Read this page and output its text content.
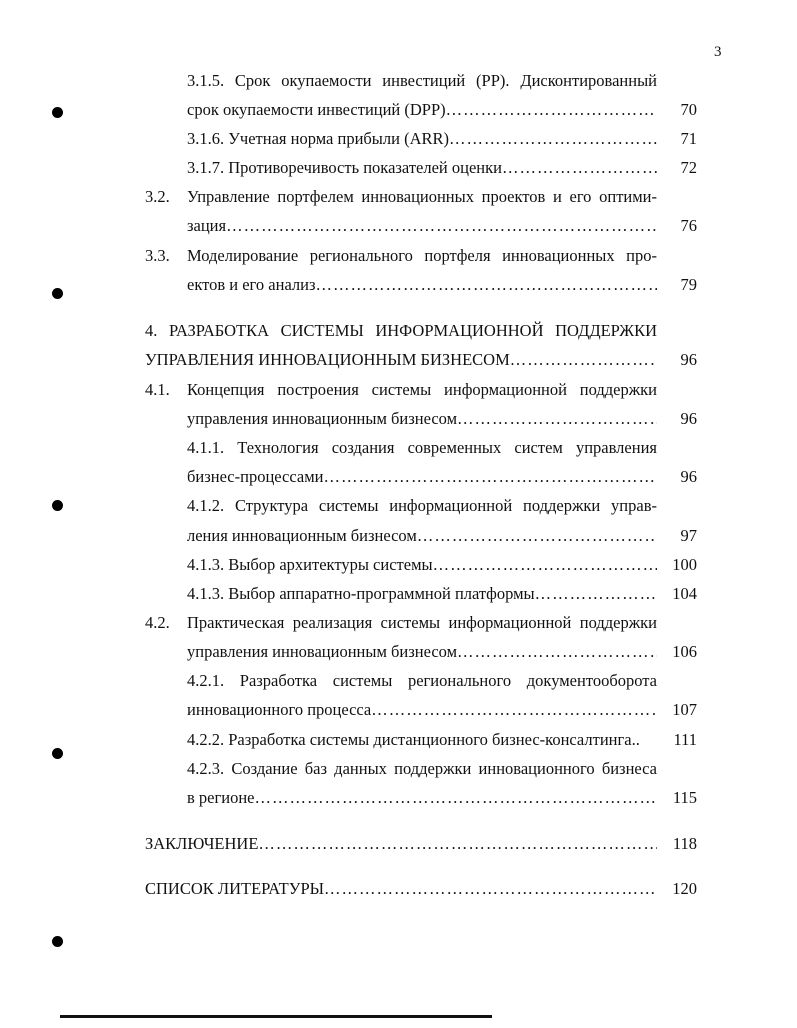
3
3.1.5. Срок окупаемости инвестиций (PP). Дисконтированный
срок окупаемости инвестиций (DPP) ……………………………………………………………………………………………………………………………	70
3.1.6. Учетная норма прибыли (ARR) ……………………………………………………………………………………………………………………………	71
3.1.7. Противоречивость показателей оценки ……………………………………………………………………………………………………………………………	72
3.2. Управление портфелем инновационных проектов и его оптими-
зация ……………………………………………………………………………………………………………………………	76
3.3. Моделирование регионального портфеля инновационных про-
ектов и его анализ ……………………………………………………………………………………………………………………………	79
4. РАЗРАБОТКА СИСТЕМЫ ИНФОРМАЦИОННОЙ ПОДДЕРЖКИ
УПРАВЛЕНИЯ ИННОВАЦИОННЫМ БИЗНЕСОМ ……………………………………………………………………………………………………………………………	96
4.1. Концепция построения системы информационной поддержки
управления инновационным бизнесом ……………………………………………………………………………………………………………………………	96
4.1.1. Технология создания современных систем управления
бизнес-процессами ……………………………………………………………………………………………………………………………	96
4.1.2. Структура системы информационной поддержки управ-
ления инновационным бизнесом ……………………………………………………………………………………………………………………………	97
4.1.3. Выбор архитектуры системы ……………………………………………………………………………………………………………………………	100
4.1.3. Выбор аппаратно-программной платформы ……………………………………………………………………………………………………………………………	104
4.2. Практическая реализация системы информационной поддержки
управления инновационным бизнесом ……………………………………………………………………………………………………………………………	106
4.2.1. Разработка системы регионального документооборота
инновационного процесса ……………………………………………………………………………………………………………………………	107
4.2.2. Разработка системы дистанционного бизнес-консалтинга.. 111
4.2.3. Создание баз данных поддержки инновационного бизнеса
в регионе ……………………………………………………………………………………………………………………………	115
ЗАКЛЮЧЕНИЕ ……………………………………………………………………………………………………………………………	118
СПИСОК ЛИТЕРАТУРЫ ……………………………………………………………………………………………………………………………	120
